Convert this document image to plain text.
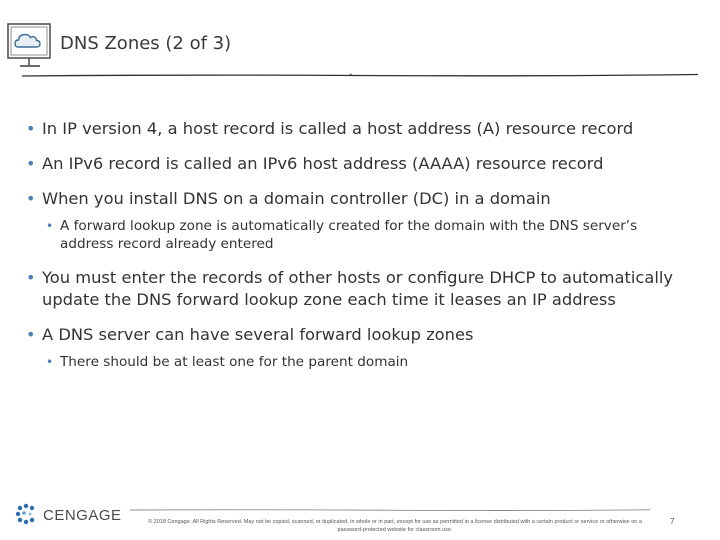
DNS Zones (2 of 3)
• In IP version 4, a host record is called a host address (A) resource record
• An IPv6 record is called an IPv6 host address (AAAA) resource record
• When you install DNS on a domain controller (DC) in a domain
• A forward lookup zone is automatically created for the domain with the DNS server’s address record already entered
• You must enter the records of other hosts or configure DHCP to automatically update the DNS forward lookup zone each time it leases an IP address
• A DNS server can have several forward lookup zones
• There should be at least one for the parent domain
CENGAGE	© 2018 Cengage. All Rights Reserved. May not be copied, scanned, or duplicated, in whole or in part, except for use as permitted in a license distributed with a certain product or service or otherwise on a password-protected website for classroom use.
7
